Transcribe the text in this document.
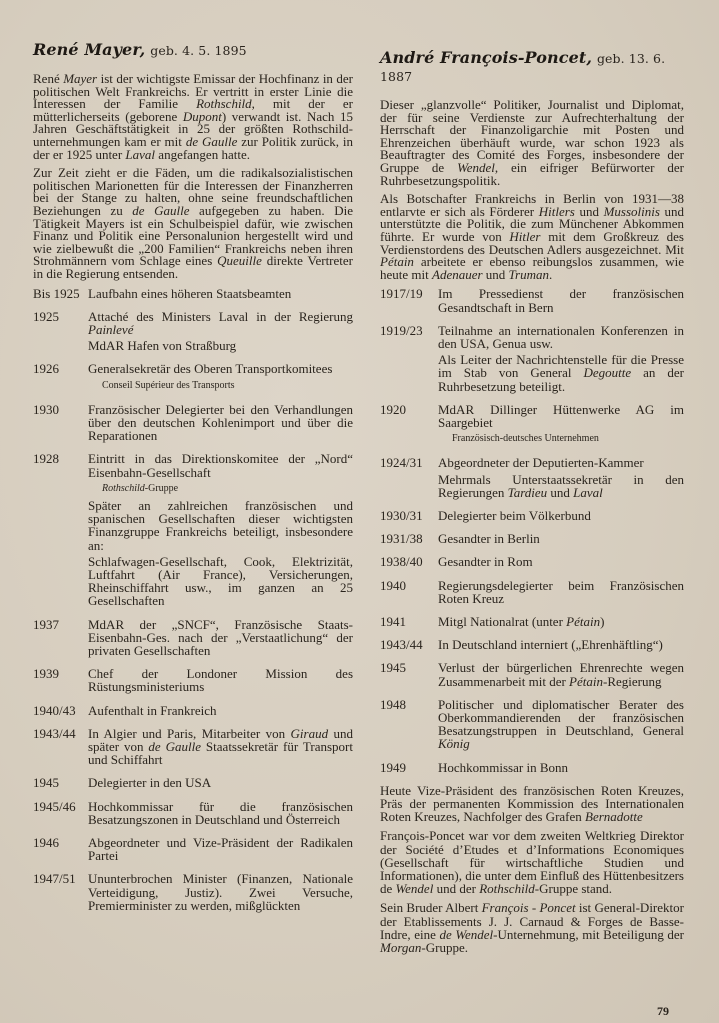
René Mayer, geb. 4. 5. 1895

René Mayer ist der wichtigste Emissar der Hochfinanz in der politischen Welt Frankreichs. Er vertritt in erster Linie die Interessen der Familie Rothschild, mit der er mütterlicherseits (geborene Dupont) verwandt ist. Nach 15 Jahren Geschäftstätigkeit in 25 der größten Rothschild-unternehmungen kam er mit de Gaulle zur Politik zurück, in der er 1925 unter Laval angefangen hatte.

Zur Zeit zieht er die Fäden, um die radikalsozialistischen politischen Marionetten für die Interessen der Finanzherren bei der Stange zu halten, ohne seine freundschaftlichen Beziehungen zu de Gaulle aufgegeben zu haben. Die Tätigkeit Mayers ist ein Schulbeispiel dafür, wie zwischen Finanz und Politik eine Personalunion hergestellt wird und wie zielbewußt die „200 Familien“ Frankreichs neben ihren Strohmännern vom Schlage eines Queuille direkte Vertreter in die Regierung entsenden.

Bis 1925 Laufbahn eines höheren Staatsbeamten
1925	Attaché des Ministers Laval in der Regierung Painlevé
MdAR Hafen von Straßburg
1926	Generalsekretär des Oberen Transportkomitees
Conseil Supérieur des Transports
1930	Französischer Delegierter bei den Verhandlungen über den deutschen Kohlenimport und über die Reparationen
1928	Eintritt in das Direktionskomitee der „Nord“ Eisenbahn-Gesellschaft
Rothschild-Gruppe
Später an zahlreichen französischen und spanischen Gesellschaften dieser wichtigsten Finanzgruppe Frankreichs beteiligt, insbesondere an:
Schlafwagen-Gesellschaft, Cook, Elektrizität, Luftfahrt (Air France), Versicherungen, Rheinschiffahrt usw., im ganzen an 25 Gesellschaften
1937	MdAR der „SNCF“, Französische Staats-Eisenbahn-Ges. nach der „Verstaatlichung“ der privaten Gesellschaften
1939	Chef der Londoner Mission des Rüstungsministeriums
1940/43 Aufenthalt in Frankreich
1943/44 In Algier und Paris, Mitarbeiter von Giraud und später von de Gaulle Staatssekretär für Transport und Schiffahrt
1945	Delegierter in den USA
1945/46 Hochkommissar für die französischen Besatzungszonen in Deutschland und Österreich
1946	Abgeordneter und Vize-Präsident der Radikalen Partei
1947/51 Ununterbrochen Minister (Finanzen, Nationale Verteidigung, Justiz). Zwei Versuche, Premierminister zu werden, mißglückten
André François-Poncet, geb. 13. 6. 1887

Dieser „glanzvolle“ Politiker, Journalist und Diplomat, der für seine Verdienste zur Aufrechterhaltung der Herrschaft der Finanzoligarchie mit Posten und Ehrenzeichen überhäuft wurde, war schon 1923 als Beauftragter des Comité des Forges, insbesondere der Gruppe de Wendel, ein eifriger Befürworter der Ruhrbesetzungspolitik.

Als Botschafter Frankreichs in Berlin von 1931—38 entlarvte er sich als Förderer Hitlers und Mussolinis und unterstützte die Politik, die zum Münchener Abkommen führte. Er wurde von Hitler mit dem Großkreuz des Verdienstordens des Deutschen Adlers ausgezeichnet. Mit Pétain arbeitete er ebenso reibungslos zusammen, wie heute mit Adenauer und Truman.

1917/19	Im Pressedienst der französischen Gesandtschaft in Bern
1919/23	Teilnahme an internationalen Konferenzen in den USA, Genua usw.
Als Leiter der Nachrichtenstelle für die Presse im Stab von General Degoutte an der Ruhrbesetzung beteiligt.
1920	MdAR Dillinger Hüttenwerke AG im Saargebiet
Französisch-deutsches Unternehmen
1924/31	Abgeordneter der Deputierten-Kammer
Mehrmals Unterstaatssekretär in den Regierungen Tardieu und Laval
1930/31	Delegierter beim Völkerbund
1931/38	Gesandter in Berlin
1938/40	Gesandter in Rom
1940	Regierungsdelegierter beim Französischen Roten Kreuz
1941	Mitgl Nationalrat (unter Pétain)
1943/44	In Deutschland interniert („Ehrenhäftling“)
1945	Verlust der bürgerlichen Ehrenrechte wegen Zusammenarbeit mit der Pétain-Regierung
1948	Politischer und diplomatischer Berater des Oberkommandierenden der französischen Besatzungstruppen in Deutschland, General König
1949	Hochkommissar in Bonn

Heute Vize-Präsident des französischen Roten Kreuzes, Präs der permanenten Kommission des Internationalen Roten Kreuzes, Nachfolger des Grafen Bernadotte

François-Poncet war vor dem zweiten Weltkrieg Direktor der Société d’Etudes et d’Informations Economiques (Gesellschaft für wirtschaftliche Studien und Informationen), die unter dem Einfluß des Hüttenbesitzers de Wendel und der Rothschild-Gruppe stand.

Sein Bruder Albert François - Poncet ist General-Direktor der Etablissements J. J. Carnaud & Forges de Basse-Indre, eine de Wendel-Unternehmung, mit Beteiligung der Morgan-Gruppe.

79
